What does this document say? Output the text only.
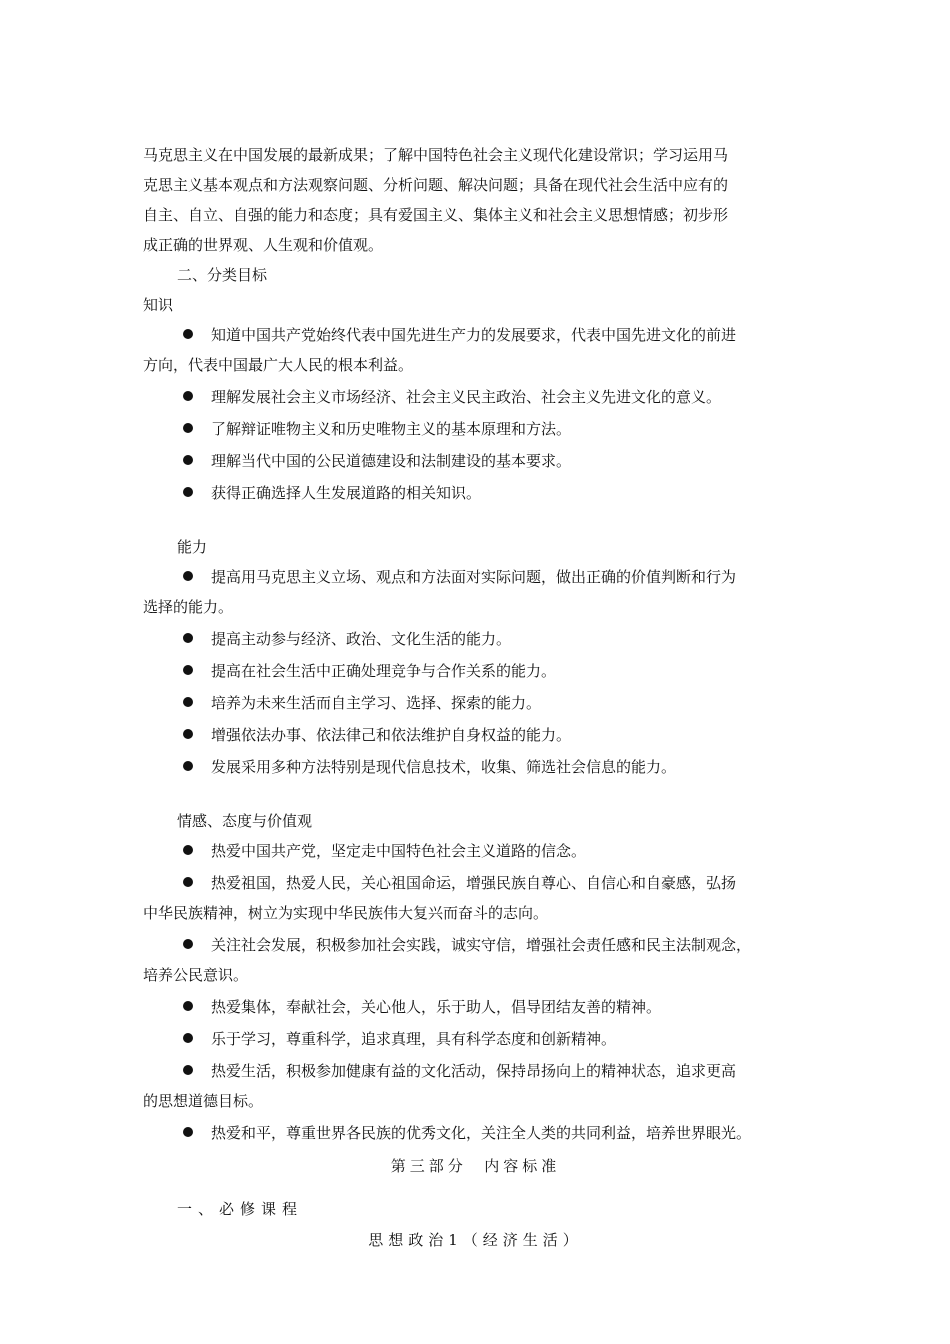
马克思主义在中国发展的最新成果；了解中国特色社会主义现代化建设常识；学习运用马

克思主义基本观点和方法观察问题、分析问题、解决问题；具备在现代社会生活中应有的

自主、自立、自强的能力和态度；具有爱国主义、集体主义和社会主义思想情感；初步形

成正确的世界观、人生观和价值观。

二、分类目标

知识

知道中国共产党始终代表中国先进生产力的发展要求，代表中国先进文化的前进
方向，代表中国最广大人民的根本利益。
理解发展社会主义市场经济、社会主义民主政治、社会主义先进文化的意义。
了解辩证唯物主义和历史唯物主义的基本原理和方法。
理解当代中国的公民道德建设和法制建设的基本要求。
获得正确选择人生发展道路的相关知识。

能力

提高用马克思主义立场、观点和方法面对实际问题，做出正确的价值判断和行为
选择的能力。
提高主动参与经济、政治、文化生活的能力。
提高在社会生活中正确处理竞争与合作关系的能力。
培养为未来生活而自主学习、选择、探索的能力。
增强依法办事、依法律己和依法维护自身权益的能力。
发展采用多种方法特别是现代信息技术，收集、筛选社会信息的能力。

情感、态度与价值观

热爱中国共产党，坚定走中国特色社会主义道路的信念。
热爱祖国，热爱人民，关心祖国命运，增强民族自尊心、自信心和自豪感，弘扬
中华民族精神，树立为实现中华民族伟大复兴而奋斗的志向。
关注社会发展，积极参加社会实践，诚实守信，增强社会责任感和民主法制观念，
培养公民意识。
热爱集体，奉献社会，关心他人，乐于助人，倡导团结友善的精神。
乐于学习，尊重科学，追求真理，具有科学态度和创新精神。
热爱生活，积极参加健康有益的文化活动，保持昂扬向上的精神状态，追求更高
的思想道德目标。
热爱和平，尊重世界各民族的优秀文化，关注全人类的共同利益，培养世界眼光。

第三部分  内容标准

一、必修课程

思想政治1（经济生活）
